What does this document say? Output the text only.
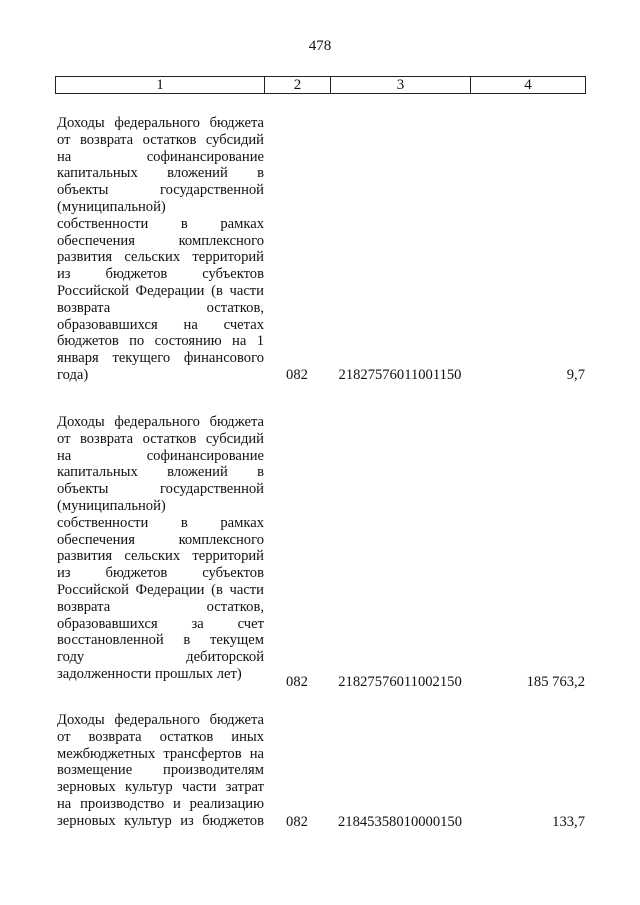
478
1	2	3	4
Доходы федерального бюджета
от возврата остатков субсидий
на софинансирование
капитальных вложений в
объекты государственной
(муниципальной)
собственности в рамках
обеспечения комплексного
развития сельских территорий
из бюджетов субъектов
Российской Федерации (в части
возврата остатков,
образовавшихся на счетах
бюджетов по состоянию на 1
января текущего финансового
года)	082	21827576011001150	9,7
Доходы федерального бюджета
от возврата остатков субсидий
на софинансирование
капитальных вложений в
объекты государственной
(муниципальной)
собственности в рамках
обеспечения комплексного
развития сельских территорий
из бюджетов субъектов
Российской Федерации (в части
возврата остатков,
образовавшихся за счет
восстановленной в текущем
году дебиторской
задолженности прошлых лет)
082	21827576011002150	185 763,2
Доходы федерального бюджета
от возврата остатков иных
межбюджетных трансфертов на
возмещение производителям
зерновых культур части затрат
на производство и реализацию
зерновых культур из бюджетов	082	21845358010000150	133,7
